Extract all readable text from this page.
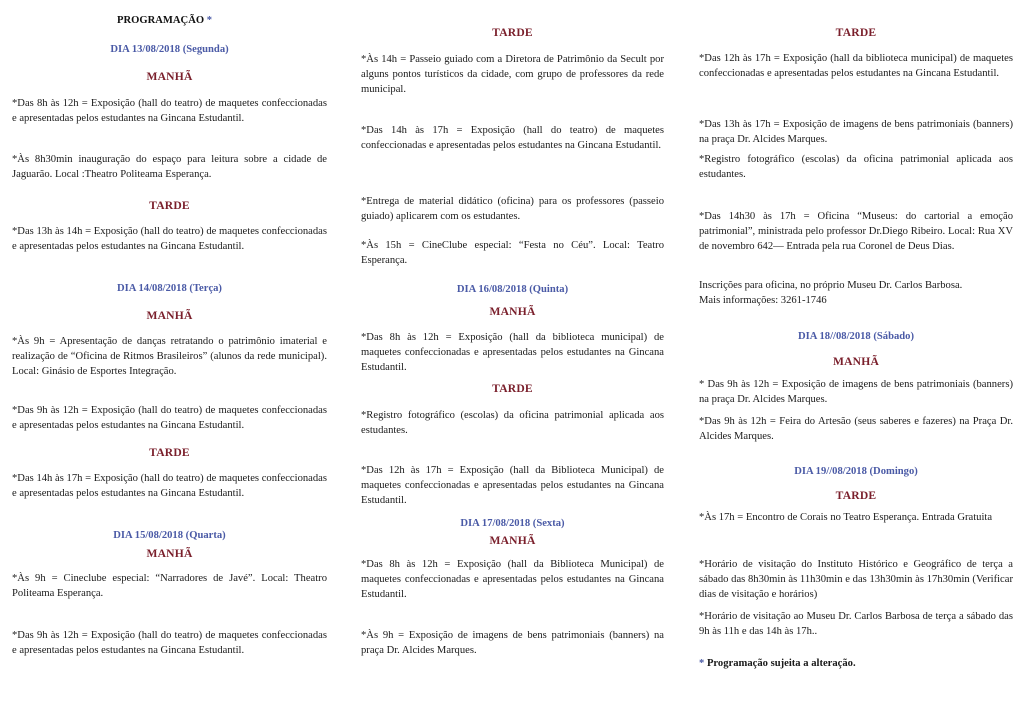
PROGRAMAÇÃO *

DIA 13/08/2018 (Segunda)

MANHÃ

*Das 8h às 12h = Exposição (hall do teatro) de maquetes confeccionadas e apresentadas pelos estudantes na Gincana Estudantil.

*Às 8h30min inauguração do espaço para leitura sobre a cidade de Jaguarão. Local :Theatro Politeama Esperança.

TARDE

*Das 13h às 14h = Exposição (hall do teatro) de maquetes confeccionadas e apresentadas pelos estudantes na Gincana Estudantil.

DIA 14/08/2018 (Terça)

MANHÃ

*Às 9h = Apresentação de danças retratando o patrimônio imaterial e realização de “Oficina de Ritmos Brasileiros” (alunos da rede municipal). Local: Ginásio de Esportes Integração.

*Das 9h às 12h = Exposição (hall do teatro) de maquetes confeccionadas e apresentadas pelos estudantes na Gincana Estudantil.

TARDE

*Das 14h às 17h = Exposição (hall do teatro) de maquetes confeccionadas e apresentadas pelos estudantes na Gincana Estudantil.

DIA 15/08/2018 (Quarta)

MANHÃ

*Às 9h = Cineclube especial: “Narradores de Javé”. Local: Theatro Politeama Esperança.

*Das 9h às 12h = Exposição (hall do teatro) de maquetes confeccionadas e apresentadas pelos estudantes na Gincana Estudantil.

TARDE

*Às 14h = Passeio guiado com a Diretora de Patrimônio da Secult por alguns pontos turísticos da cidade, com grupo de professores da rede municipal.

*Das 14h às 17h = Exposição (hall do teatro) de maquetes confeccionadas e apresentadas pelos estudantes na Gincana Estudantil.

*Entrega de material didático (oficina) para os professores (passeio guiado) aplicarem com os estudantes.

*Às 15h = CineClube especial: “Festa no Céu”. Local: Teatro Esperança.

DIA 16/08/2018 (Quinta)

MANHÃ

*Das 8h às 12h = Exposição (hall da biblioteca municipal) de maquetes confeccionadas e apresentadas pelos estudantes na Gincana Estudantil.

TARDE

*Registro fotográfico (escolas) da oficina patrimonial aplicada aos estudantes.

*Das 12h às 17h = Exposição (hall da Biblioteca Municipal) de maquetes confeccionadas e apresentadas pelos estudantes na Gincana Estudantil.

DIA 17/08/2018 (Sexta)

MANHÃ

*Das 8h às 12h = Exposição (hall da Biblioteca Municipal) de maquetes confeccionadas e apresentadas pelos estudantes na Gincana Estudantil.

*Às 9h = Exposição de imagens de bens patrimoniais (banners) na praça Dr. Alcides Marques.

TARDE

*Das 12h às 17h = Exposição (hall da biblioteca municipal) de maquetes confeccionadas e apresentadas pelos estudantes na Gincana Estudantil.

*Das 13h às 17h = Exposição de imagens de bens patrimoniais (banners) na praça Dr. Alcides Marques.

*Registro fotográfico (escolas) da oficina patrimonial aplicada aos estudantes.

*Das 14h30 às 17h = Oficina “Museus: do cartorial a emoção patrimonial”, ministrada pelo professor Dr.Diego Ribeiro. Local: Rua XV de novembro 642— Entrada pela rua Coronel de Deus Dias.

Inscrições para oficina, no próprio Museu Dr. Carlos Barbosa.
Mais informações: 3261-1746

DIA 18//08/2018 (Sábado)

MANHÃ

* Das 9h às 12h = Exposição de imagens de bens patrimoniais (banners) na praça Dr. Alcides Marques.

*Das 9h às 12h = Feira do Artesão (seus saberes e fazeres) na Praça Dr. Alcides Marques.

DIA 19//08/2018 (Domingo)

TARDE

*Às 17h = Encontro de Corais no Teatro Esperança. Entrada Gratuita

*Horário de visitação do Instituto Histórico e Geográfico de terça a sábado das 8h30min às 11h30min e das 13h30min às 17h30min (Verificar dias de visitação e horários)

*Horário de visitação ao Museu Dr. Carlos Barbosa de terça a sábado das 9h às 11h e das 14h às 17h..

* Programação sujeita a alteração.
